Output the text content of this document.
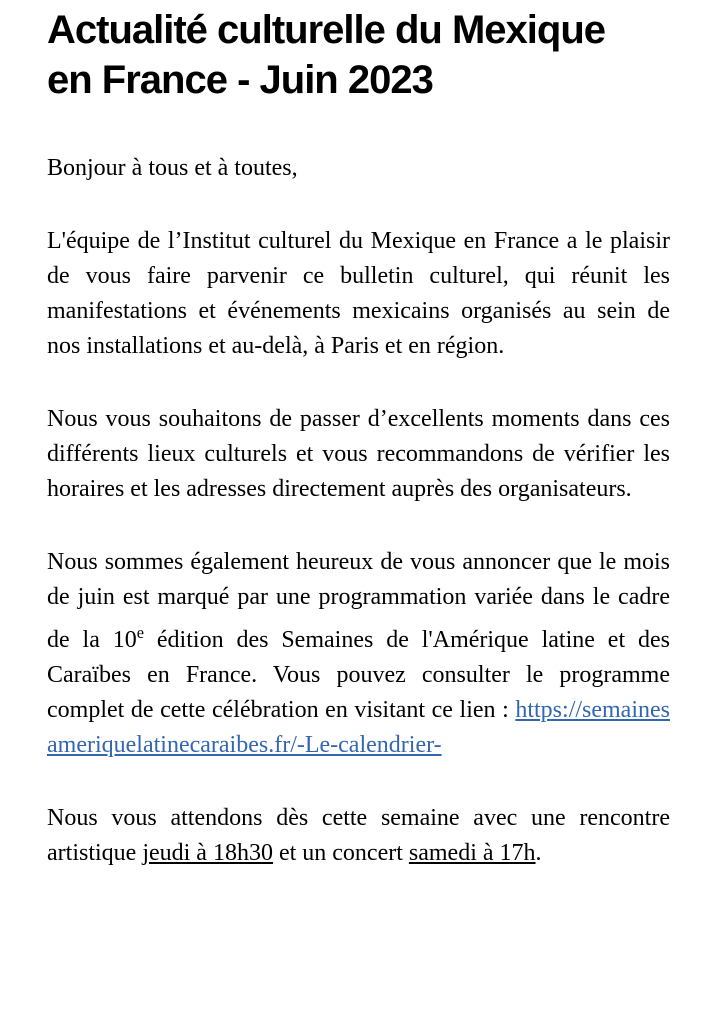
Actualité culturelle du Mexique
en France - Juin 2023

Bonjour à tous et à toutes,

L'équipe de l’Institut culturel du Mexique en France a le plaisir de vous faire parvenir ce bulletin culturel, qui réunit les manifestations et événements mexicains organisés au sein de nos installations et au-delà, à Paris et en région.

Nous vous souhaitons de passer d’excellents moments dans ces différents lieux culturels et vous recommandons de vérifier les horaires et les adresses directement auprès des organisateurs.

Nous sommes également heureux de vous annoncer que le mois de juin est marqué par une programmation variée dans le cadre de la 10e édition des Semaines de l'Amérique latine et des Caraïbes en France. Vous pouvez consulter le programme complet de cette célébration en visitant ce lien : https://semainesameriquelatinecaraibes.fr/-Le-calendrier-

Nous vous attendons dès cette semaine avec une rencontre artistique jeudi à 18h30 et un concert samedi à 17h.
